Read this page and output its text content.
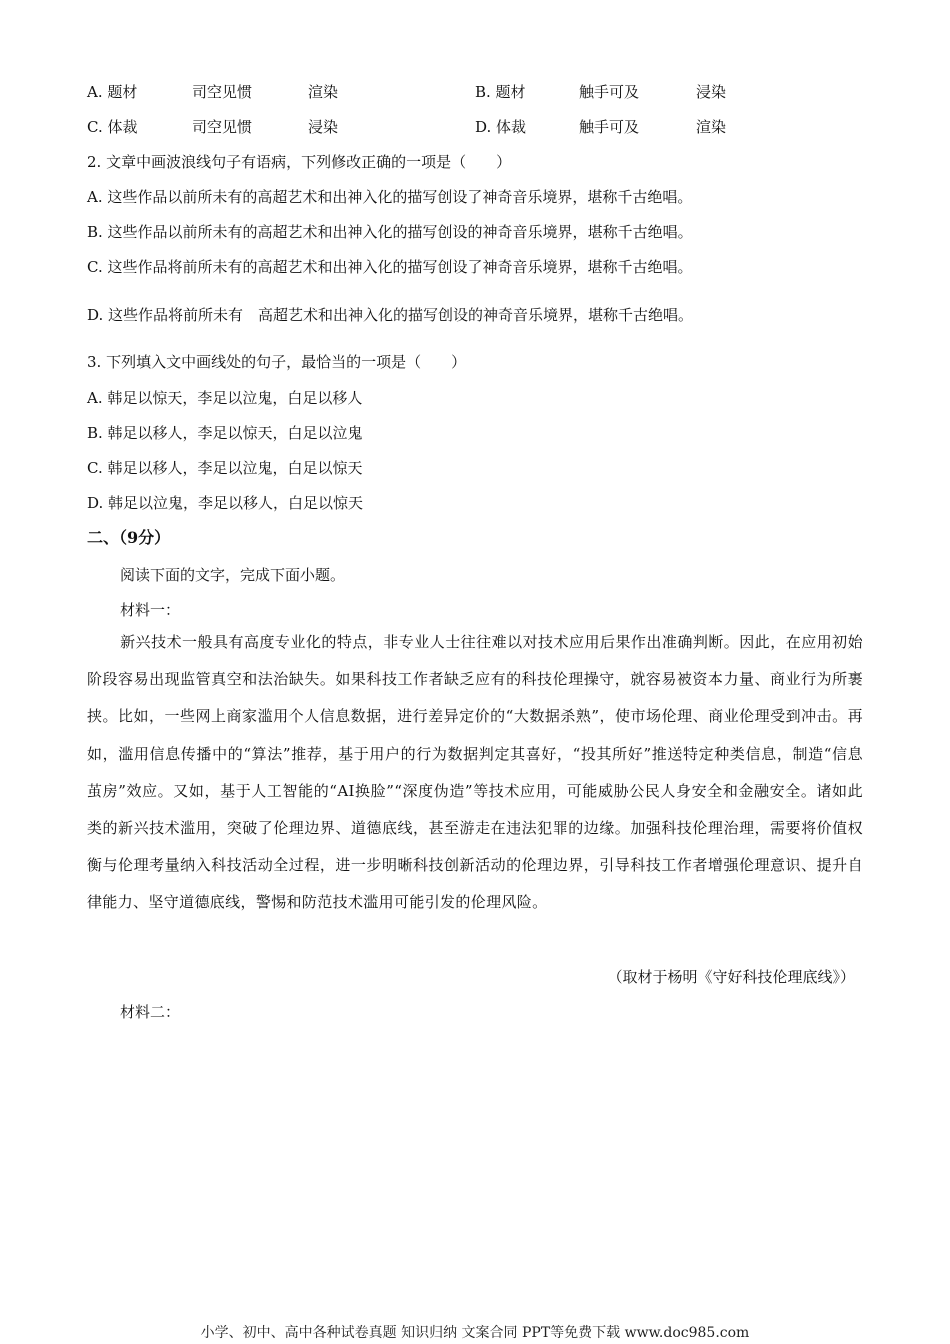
A. 题材	司空见惯	渲染	B. 题材	触手可及	浸染
C. 体裁	司空见惯	浸染	D. 体裁	触手可及	渲染
2. 文章中画波浪线句子有语病，下列修改正确的一项是（　　）
A. 这些作品以前所未有的高超艺术和出神入化的描写创设了神奇音乐境界，堪称千古绝唱。
B. 这些作品以前所未有的高超艺术和出神入化的描写创设的神奇音乐境界，堪称千古绝唱。
C. 这些作品将前所未有的高超艺术和出神入化的描写创设了神奇音乐境界，堪称千古绝唱。
D. 这些作品将前所未有　高超艺术和出神入化的描写创设的神奇音乐境界，堪称千古绝唱。
3. 下列填入文中画线处的句子，最恰当的一项是（　　）
A. 韩足以惊天，李足以泣鬼，白足以移人
B. 韩足以移人，李足以惊天，白足以泣鬼
C. 韩足以移人，李足以泣鬼，白足以惊天
D. 韩足以泣鬼，李足以移人，白足以惊天
二、（9分）
阅读下面的文字，完成下面小题。
材料一：
新兴技术一般具有高度专业化的特点，非专业人士往往难以对技术应用后果作出准确判断。因此，在应用初始阶段容易出现监管真空和法治缺失。如果科技工作者缺乏应有的科技伦理操守，就容易被资本力量、商业行为所裹挟。比如，一些网上商家滥用个人信息数据，进行差异定价的“大数据杀熟”，使市场伦理、商业伦理受到冲击。再如，滥用信息传播中的“算法”推荐，基于用户的行为数据判定其喜好，“投其所好”推送特定种类信息，制造“信息茧房”效应。又如，基于人工智能的“AI换脸”“深度伪造”等技术应用，可能威胁公民人身安全和金融安全。诸如此类的新兴技术滥用，突破了伦理边界、道德底线，甚至游走在违法犯罪的边缘。加强科技伦理治理，需要将价值权衡与伦理考量纳入科技活动全过程，进一步明晰科技创新活动的伦理边界，引导科技工作者增强伦理意识、提升自律能力、坚守道德底线，警惕和防范技术滥用可能引发的伦理风险。
（取材于杨明《守好科技伦理底线》）
材料二：
小学、初中、高中各种试卷真题 知识归纳 文案合同 PPT等免费下载 www.doc985.com
